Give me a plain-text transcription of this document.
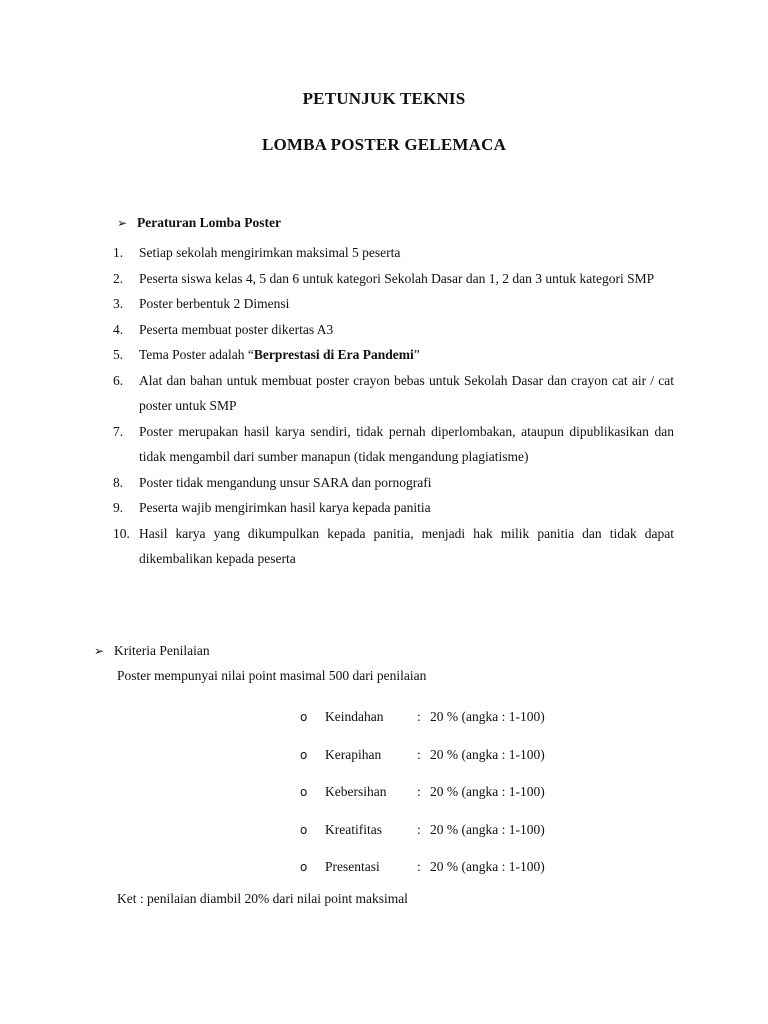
PETUNJUK TEKNIS
LOMBA POSTER GELEMACA
➢ Peraturan Lomba Poster
1. Setiap sekolah mengirimkan maksimal 5 peserta
2. Peserta siswa kelas 4, 5 dan 6 untuk kategori Sekolah Dasar dan 1, 2 dan 3 untuk kategori SMP
3. Poster berbentuk 2 Dimensi
4. Peserta membuat poster dikertas A3
5. Tema Poster adalah “Berprestasi di Era Pandemi”
6. Alat dan bahan untuk membuat poster crayon bebas untuk Sekolah Dasar dan crayon cat air / cat poster untuk SMP
7. Poster merupakan hasil karya sendiri, tidak pernah diperlombakan, ataupun dipublikasikan dan tidak mengambil dari sumber manapun (tidak mengandung plagiatisme)
8. Poster tidak mengandung unsur SARA dan pornografi
9. Peserta wajib mengirimkan hasil karya kepada panitia
10. Hasil karya yang dikumpulkan kepada panitia, menjadi hak milik panitia dan tidak dapat dikembalikan kepada peserta
➢ Kriteria Penilaian
Poster mempunyai nilai point masimal 500 dari penilaian
o Keindahan : 20 % (angka : 1-100)
o Kerapihan	: 20 % (angka : 1-100)
o Kebersihan : 20 % (angka : 1-100)
o Kreatifitas	: 20 % (angka : 1-100)
o Presentasi	: 20 % (angka : 1-100)
Ket : penilaian diambil 20% dari nilai point maksimal
